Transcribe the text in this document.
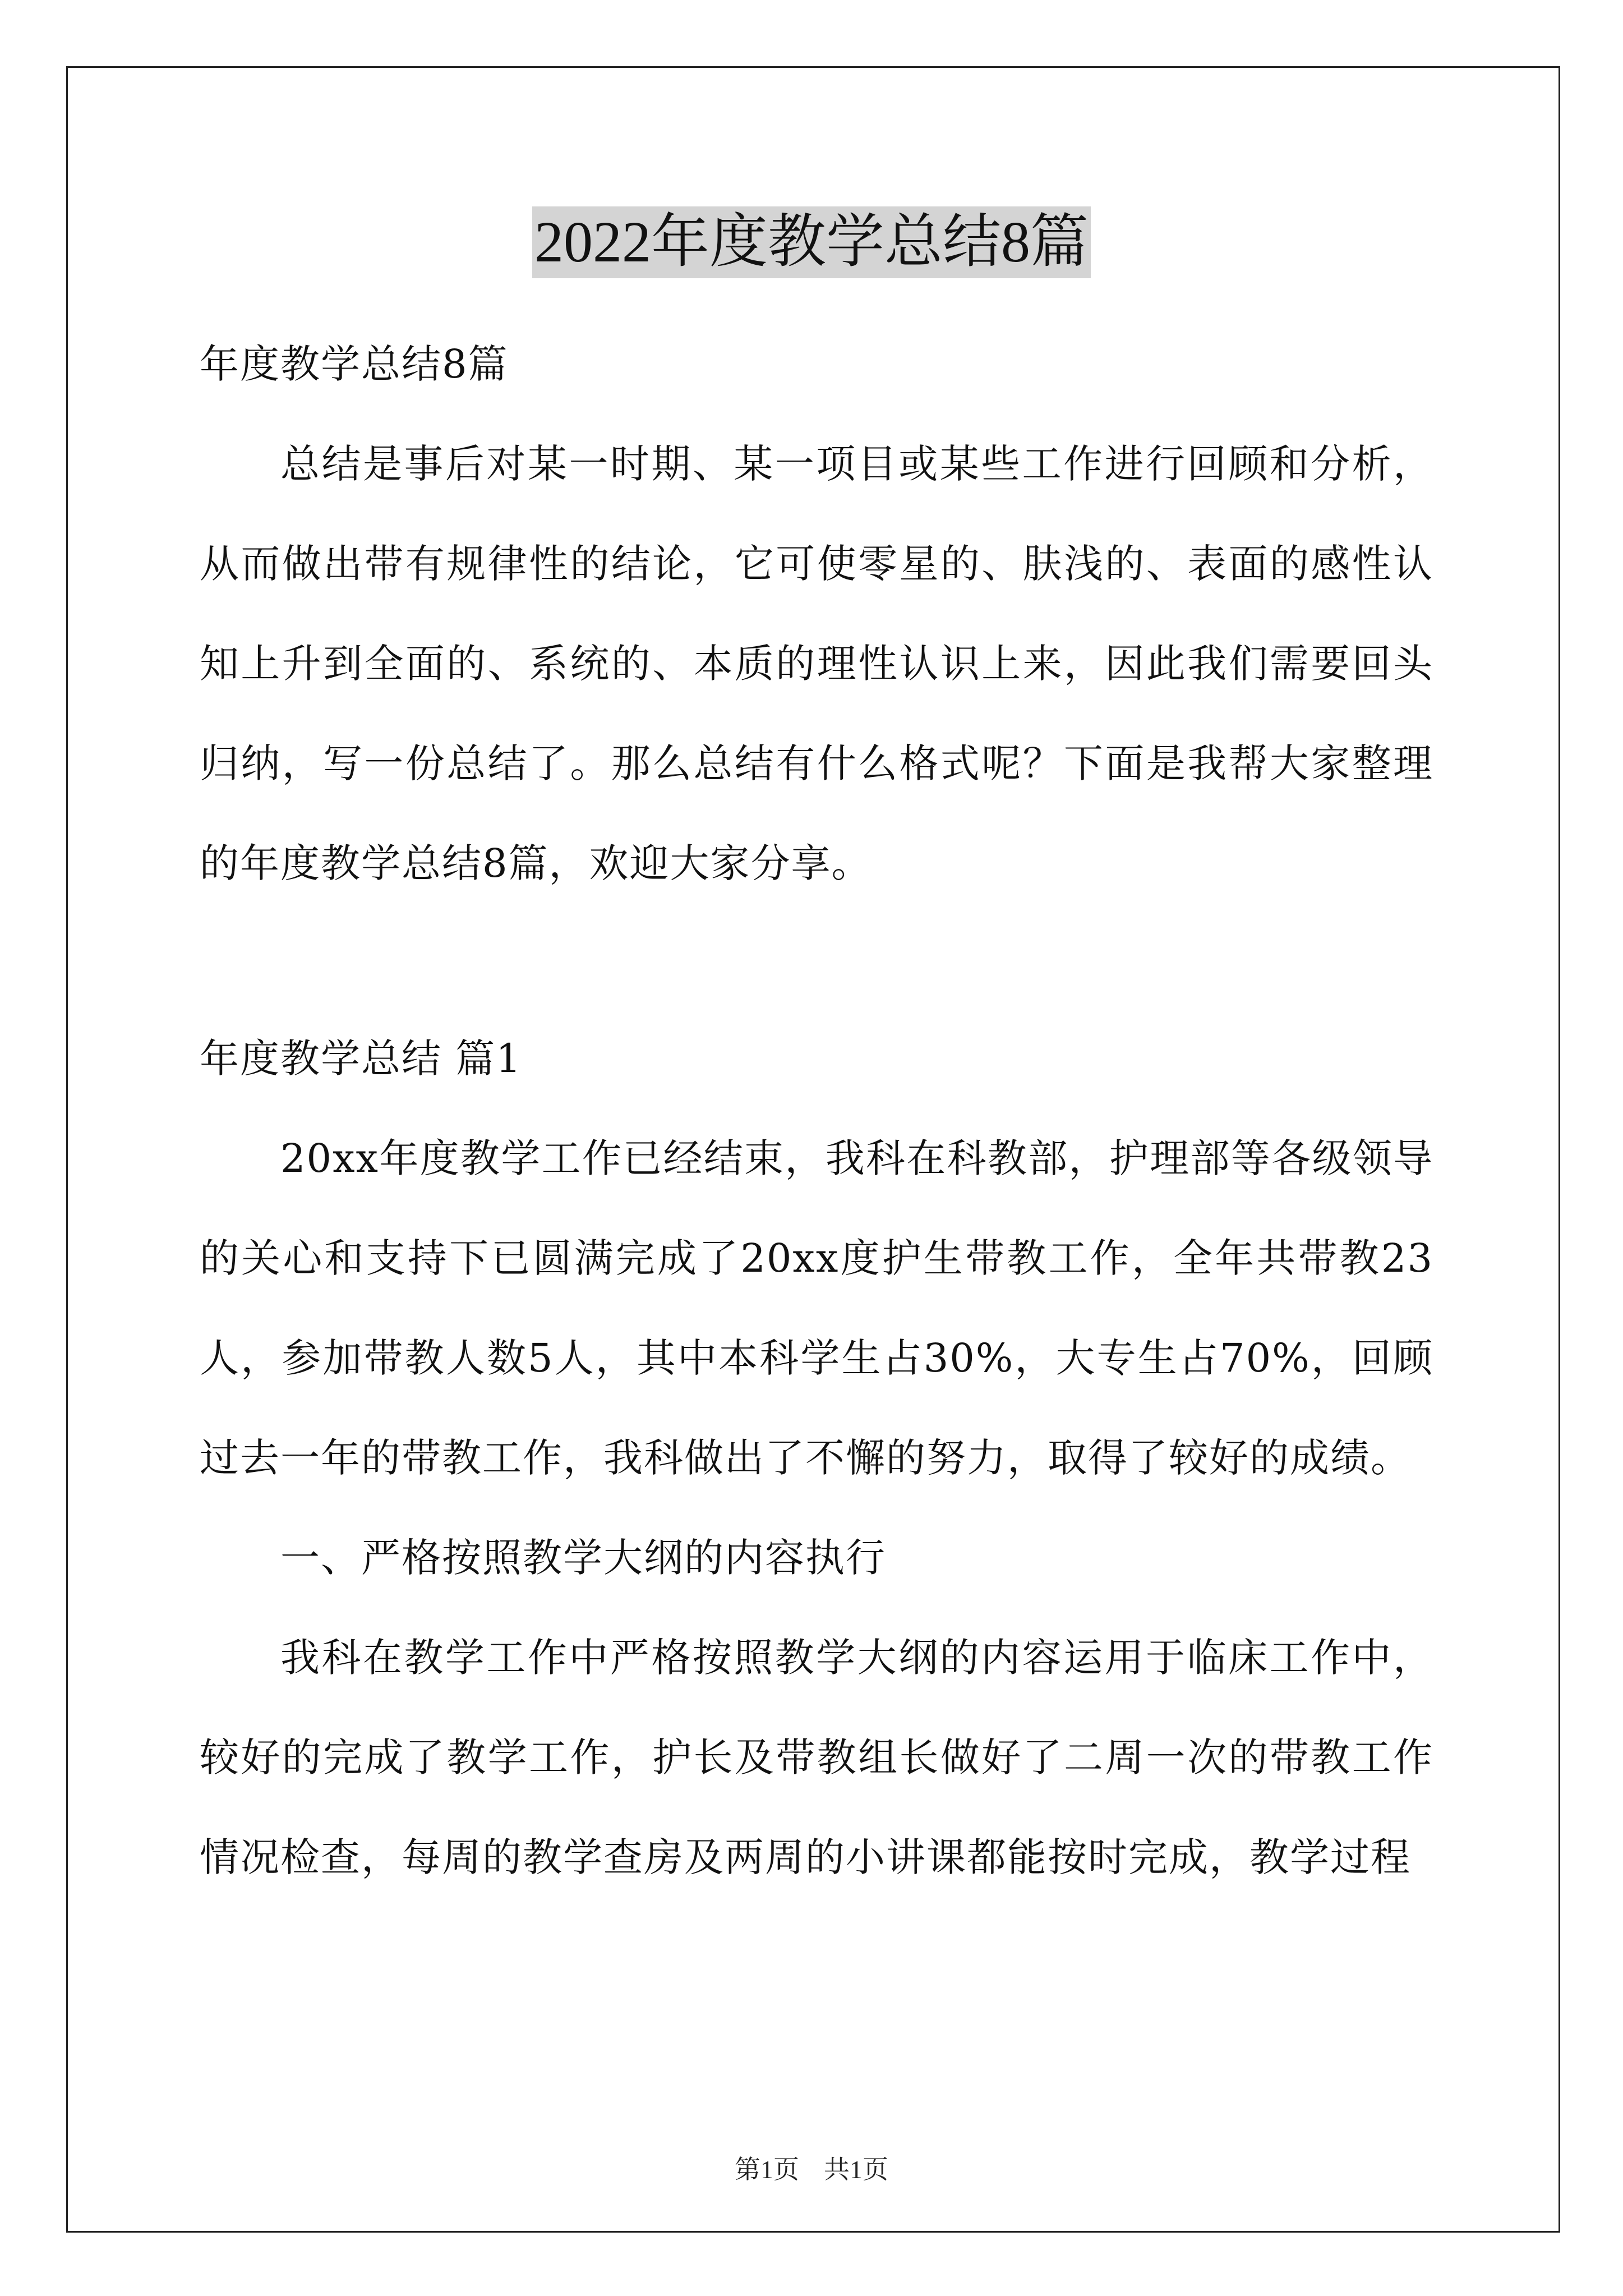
2022年度教学总结8篇

年度教学总结8篇

总结是事后对某一时期、某一项目或某些工作进行回顾和分析，从而做出带有规律性的结论，它可使零星的、肤浅的、表面的感性认知上升到全面的、系统的、本质的理性认识上来，因此我们需要回头归纳，写一份总结了。那么总结有什么格式呢？下面是我帮大家整理的年度教学总结8篇，欢迎大家分享。

年度教学总结 篇1

20xx年度教学工作已经结束，我科在科教部，护理部等各级领导的关心和支持下已圆满完成了20xx度护生带教工作，全年共带教23人，参加带教人数5人，其中本科学生占30%，大专生占70%，回顾过去一年的带教工作，我科做出了不懈的努力，取得了较好的成绩。

一、严格按照教学大纲的内容执行

我科在教学工作中严格按照教学大纲的内容运用于临床工作中，较好的完成了教学工作，护长及带教组长做好了二周一次的带教工作情况检查，每周的教学查房及两周的小讲课都能按时完成，教学过程

第1页 共1页
